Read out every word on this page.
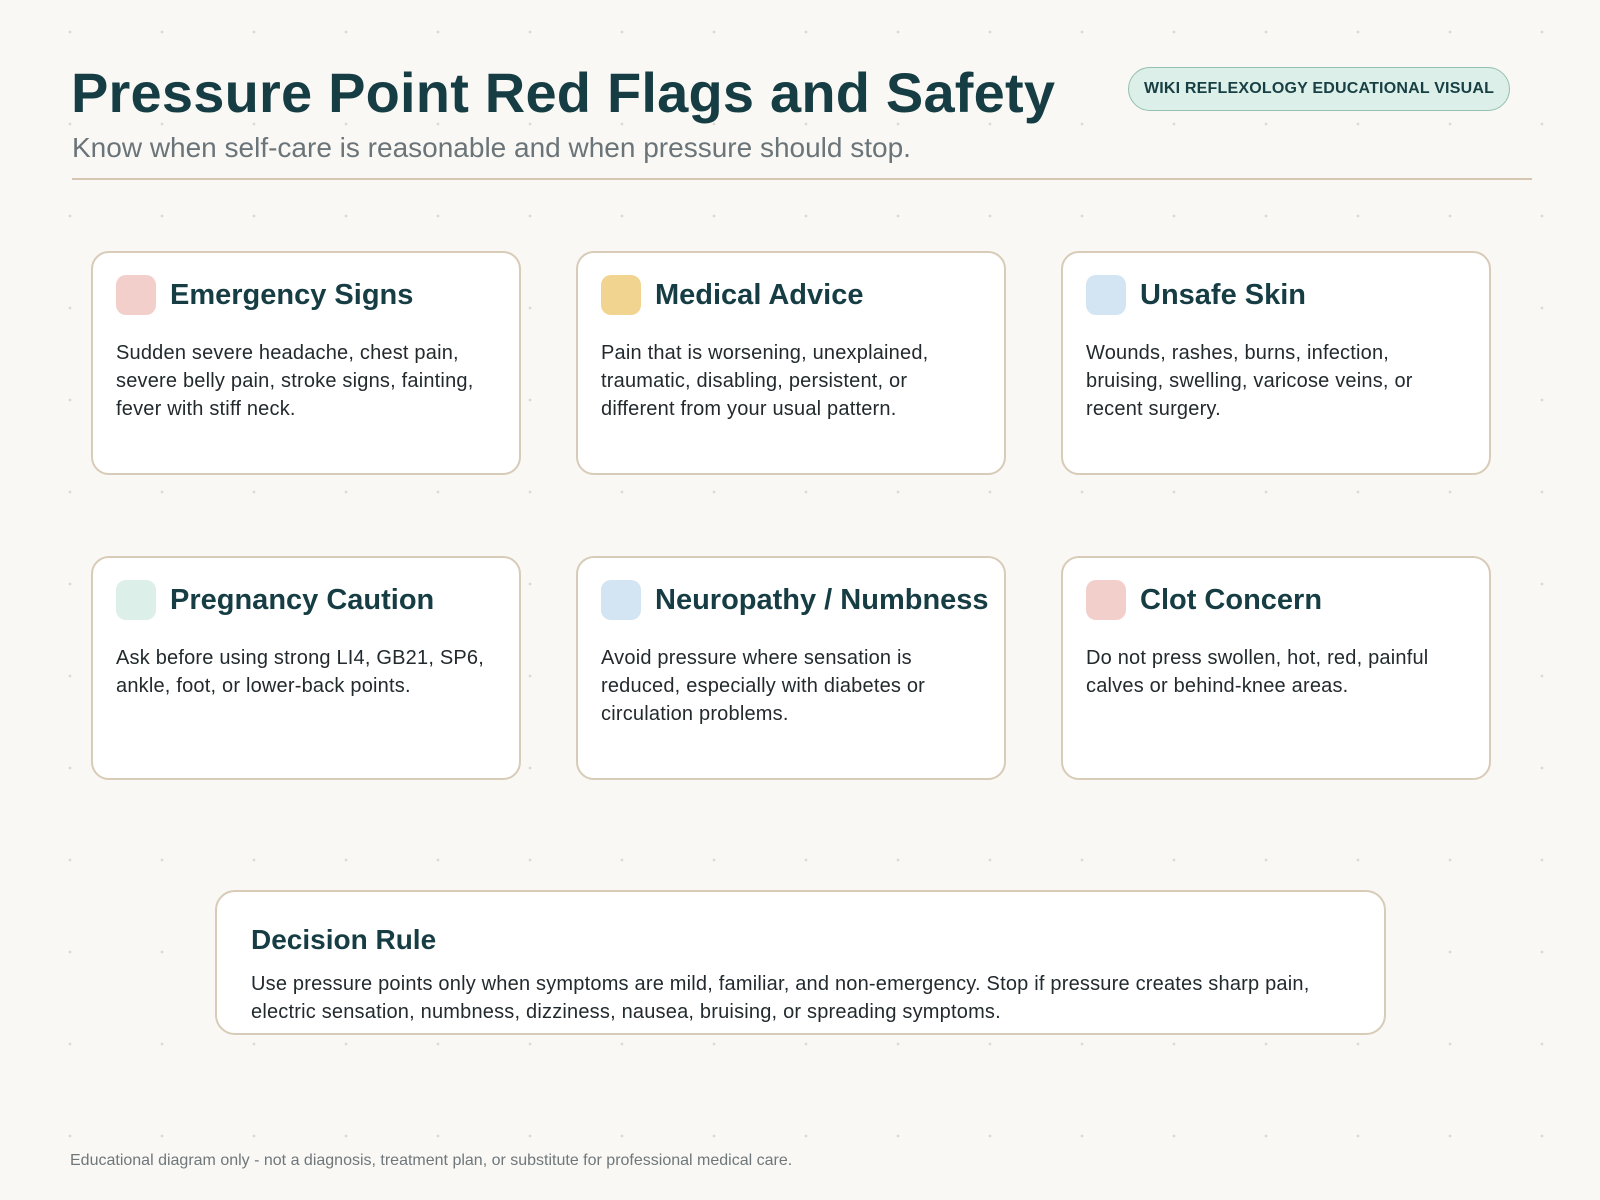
Pressure Point Red Flags and Safety

Know when self-care is reasonable and when pressure should stop.

WIKI REFLEXOLOGY EDUCATIONAL VISUAL
Emergency Signs

Sudden severe headache, chest pain, severe belly pain, stroke signs, fainting, fever with stiff neck.

Medical Advice

Pain that is worsening, unexplained, traumatic, disabling, persistent, or different from your usual pattern.

Unsafe Skin

Wounds, rashes, burns, infection, bruising, swelling, varicose veins, or recent surgery.

Pregnancy Caution

Ask before using strong LI4, GB21, SP6, ankle, foot, or lower-back points.

Neuropathy / Numbness

Avoid pressure where sensation is reduced, especially with diabetes or circulation problems.

Clot Concern

Do not press swollen, hot, red, painful calves or behind-knee areas.

Decision Rule

Use pressure points only when symptoms are mild, familiar, and non-emergency. Stop if pressure creates sharp pain, electric sensation, numbness, dizziness, nausea, bruising, or spreading symptoms.

Educational diagram only - not a diagnosis, treatment plan, or substitute for professional medical care.
